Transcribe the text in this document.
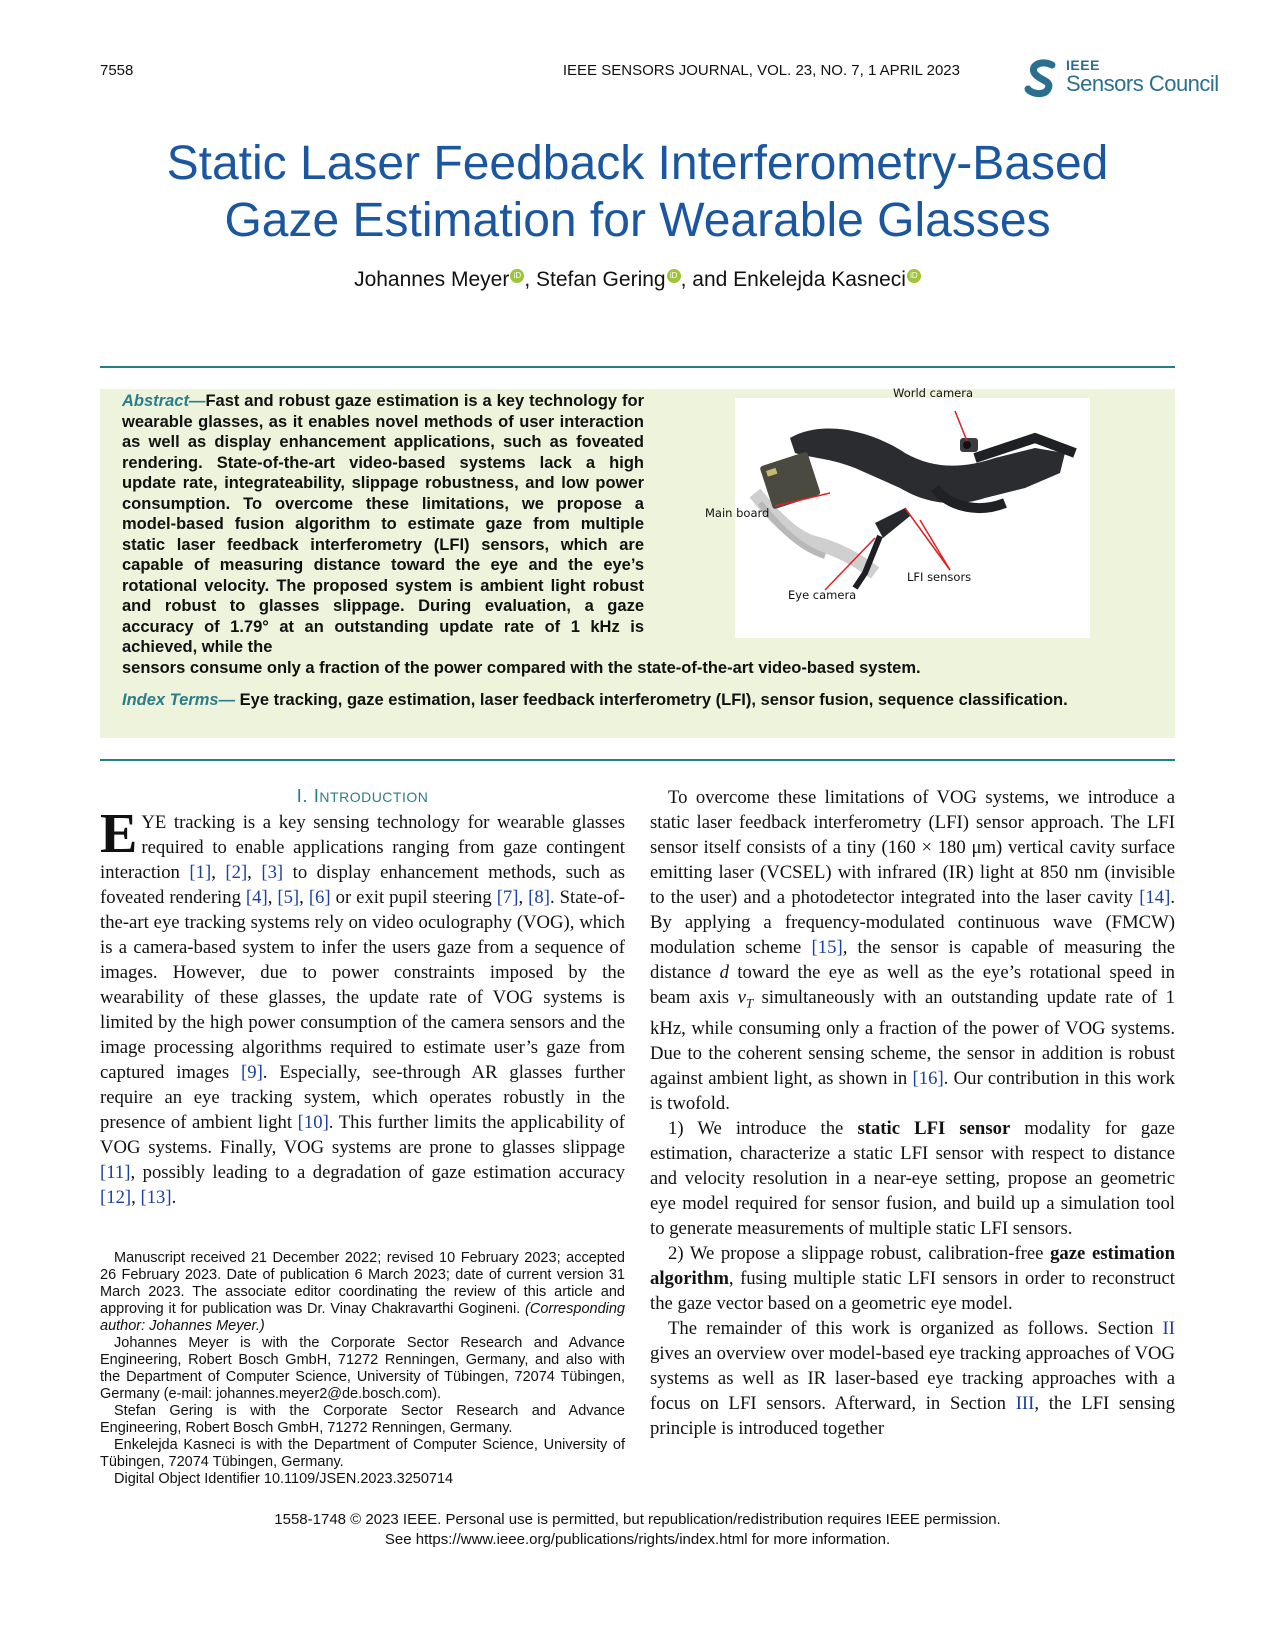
7558	IEEE SENSORS JOURNAL, VOL. 23, NO. 7, 1 APRIL 2023	IEEE
Sensors Council
Static Laser Feedback Interferometry-Based
Gaze Estimation for Wearable Glasses
Johannes Meyer iD , Stefan Gering iD , and Enkelejda Kasneci iD
Abstract—Fast and robust gaze estimation is a key technology for wearable glasses, as it enables novel methods of user interaction as well as display enhancement applications, such as foveated rendering. State-of-the-art video-based systems lack a high update rate, integrateability, slippage robustness, and low power consumption. To overcome these limitations, we propose a model-based fusion algorithm to estimate gaze from multiple static laser feedback interferometry (LFI) sensors, which are capable of measuring distance toward the eye and the eye’s rotational velocity. The proposed system is ambient light robust and robust to glasses slippage. During evaluation, a gaze accuracy of 1.79° at an outstanding update rate of 1 kHz is achieved, while the
sensors consume only a fraction of the power compared with the state-of-the-art video-based system.
Index Terms— Eye tracking, gaze estimation, laser feedback interferometry (LFI), sensor fusion, sequence classification.
World camera
Main board
LFI sensors
Eye camera
I. INTRODUCTION

EYE tracking is a key sensing technology for wearable glasses required to enable applications ranging from gaze contingent interaction [1], [2], [3] to display enhancement methods, such as foveated rendering [4], [5], [6] or exit pupil steering [7], [8]. State-of-the-art eye tracking systems rely on video oculography (VOG), which is a camera-based system to infer the users gaze from a sequence of images. However, due to power constraints imposed by the wearability of these glasses, the update rate of VOG systems is limited by the high power consumption of the camera sensors and the image processing algorithms required to estimate user’s gaze from captured images [9]. Especially, see-through AR glasses further require an eye tracking system, which operates robustly in the presence of ambient light [10]. This further limits the applicability of VOG systems. Finally, VOG systems are prone to glasses slippage [11], possibly leading to a degradation of gaze estimation accuracy [12], [13].

Manuscript received 21 December 2022; revised 10 February 2023; accepted 26 February 2023. Date of publication 6 March 2023; date of current version 31 March 2023. The associate editor coordinating the review of this article and approving it for publication was Dr. Vinay Chakravarthi Gogineni. (Corresponding author: Johannes Meyer.)

Johannes Meyer is with the Corporate Sector Research and Advance Engineering, Robert Bosch GmbH, 71272 Renningen, Germany, and also with the Department of Computer Science, University of Tübingen, 72074 Tübingen, Germany (e-mail: johannes.meyer2@de.bosch.com).

Stefan Gering is with the Corporate Sector Research and Advance Engineering, Robert Bosch GmbH, 71272 Renningen, Germany.

Enkelejda Kasneci is with the Department of Computer Science, University of Tübingen, 72074 Tübingen, Germany.

Digital Object Identifier 10.1109/JSEN.2023.3250714

To overcome these limitations of VOG systems, we introduce a static laser feedback interferometry (LFI) sensor approach. The LFI sensor itself consists of a tiny (160 × 180 μm) vertical cavity surface emitting laser (VCSEL) with infrared (IR) light at 850 nm (invisible to the user) and a photodetector integrated into the laser cavity [14]. By applying a frequency-modulated continuous wave (FMCW) modulation scheme [15], the sensor is capable of measuring the distance d toward the eye as well as the eye’s rotational speed in beam axis $v_T$ simultaneously with an outstanding update rate of 1 kHz, while consuming only a fraction of the power of VOG systems. Due to the coherent sensing scheme, the sensor in addition is robust against ambient light, as shown in [16]. Our contribution in this work is twofold.

1) We introduce the static LFI sensor modality for gaze estimation, characterize a static LFI sensor with respect to distance and velocity resolution in a near-eye setting, propose an geometric eye model required for sensor fusion, and build up a simulation tool to generate measurements of multiple static LFI sensors.

2) We propose a slippage robust, calibration-free gaze estimation algorithm, fusing multiple static LFI sensors in order to reconstruct the gaze vector based on a geometric eye model.

The remainder of this work is organized as follows. Section II gives an overview over model-based eye tracking approaches of VOG systems as well as IR laser-based eye tracking approaches with a focus on LFI sensors. Afterward, in Section III, the LFI sensing principle is introduced together

1558-1748 © 2023 IEEE. Personal use is permitted, but republication/redistribution requires IEEE permission.
See https://www.ieee.org/publications/rights/index.html for more information.
